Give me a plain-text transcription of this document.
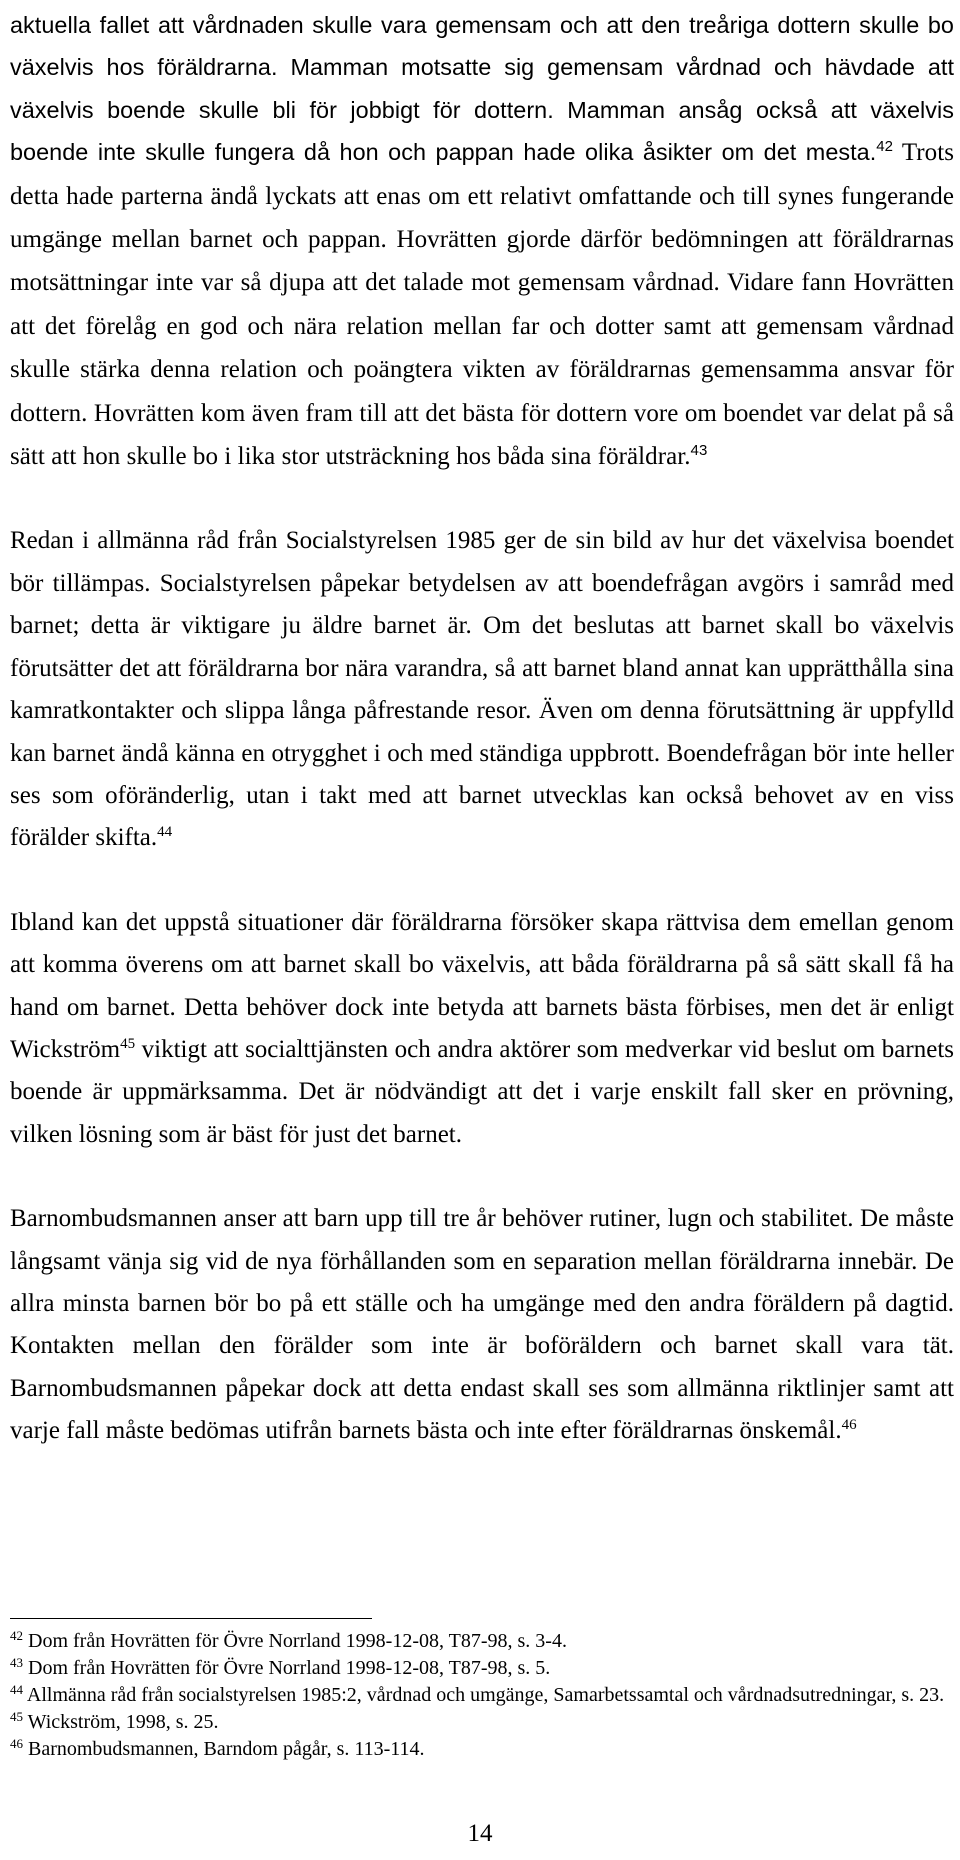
aktuella fallet att vårdnaden skulle vara gemensam och att den treåriga dottern skulle bo växelvis hos föräldrarna. Mamman motsatte sig gemensam vårdnad och hävdade att växelvis boende skulle bli för jobbigt för dottern. Mamman ansåg också att växelvis boende inte skulle fungera då hon och pappan hade olika åsikter om det mesta.$^{42}$ Trots detta hade parterna ändå lyckats att enas om ett relativt omfattande och till synes fungerande umgänge mellan barnet och pappan. Hovrätten gjorde därför bedömningen att föräldrarnas motsättningar inte var så djupa att det talade mot gemensam vårdnad. Vidare fann Hovrätten att det förelåg en god och nära relation mellan far och dotter samt att gemensam vårdnad skulle stärka denna relation och poängtera vikten av föräldrarnas gemensamma ansvar för dottern. Hovrätten kom även fram till att det bästa för dottern vore om boendet var delat på så sätt att hon skulle bo i lika stor utsträckning hos båda sina föräldrar.$^{43}$

Redan i allmänna råd från Socialstyrelsen 1985 ger de sin bild av hur det växelvisa boendet bör tillämpas. Socialstyrelsen påpekar betydelsen av att boendefrågan avgörs i samråd med barnet; detta är viktigare ju äldre barnet är. Om det beslutas att barnet skall bo växelvis förutsätter det att föräldrarna bor nära varandra, så att barnet bland annat kan upprätthålla sina kamratkontakter och slippa långa påfrestande resor. Även om denna förutsättning är uppfylld kan barnet ändå känna en otrygghet i och med ständiga uppbrott. Boendefrågan bör inte heller ses som oföränderlig, utan i takt med att barnet utvecklas kan också behovet av en viss förälder skifta.$^{44}$

Ibland kan det uppstå situationer där föräldrarna försöker skapa rättvisa dem emellan genom att komma överens om att barnet skall bo växelvis, att båda föräldrarna på så sätt skall få ha hand om barnet. Detta behöver dock inte betyda att barnets bästa förbises, men det är enligt Wickström$^{45}$ viktigt att socialttjänsten och andra aktörer som medverkar vid beslut om barnets boende är uppmärksamma. Det är nödvändigt att det i varje enskilt fall sker en prövning, vilken lösning som är bäst för just det barnet.

Barnombudsmannen anser att barn upp till tre år behöver rutiner, lugn och stabilitet. De måste långsamt vänja sig vid de nya förhållanden som en separation mellan föräldrarna innebär. De allra minsta barnen bör bo på ett ställe och ha umgänge med den andra föräldern på dagtid. Kontakten mellan den förälder som inte är boföräldern och barnet skall vara tät. Barnombudsmannen påpekar dock att detta endast skall ses som allmänna riktlinjer samt att varje fall måste bedömas utifrån barnets bästa och inte efter föräldrarnas önskemål.$^{46}$

$^{42}$ Dom från Hovrätten för Övre Norrland 1998-12-08, T87-98, s. 3-4.

$^{43}$ Dom från Hovrätten för Övre Norrland 1998-12-08, T87-98, s. 5.

$^{44}$ Allmänna råd från socialstyrelsen 1985:2, vårdnad och umgänge, Samarbetssamtal och vårdnadsutredningar, s. 23.

$^{45}$ Wickström, 1998, s. 25.

$^{46}$ Barnombudsmannen, Barndom pågår, s. 113-114.

14
